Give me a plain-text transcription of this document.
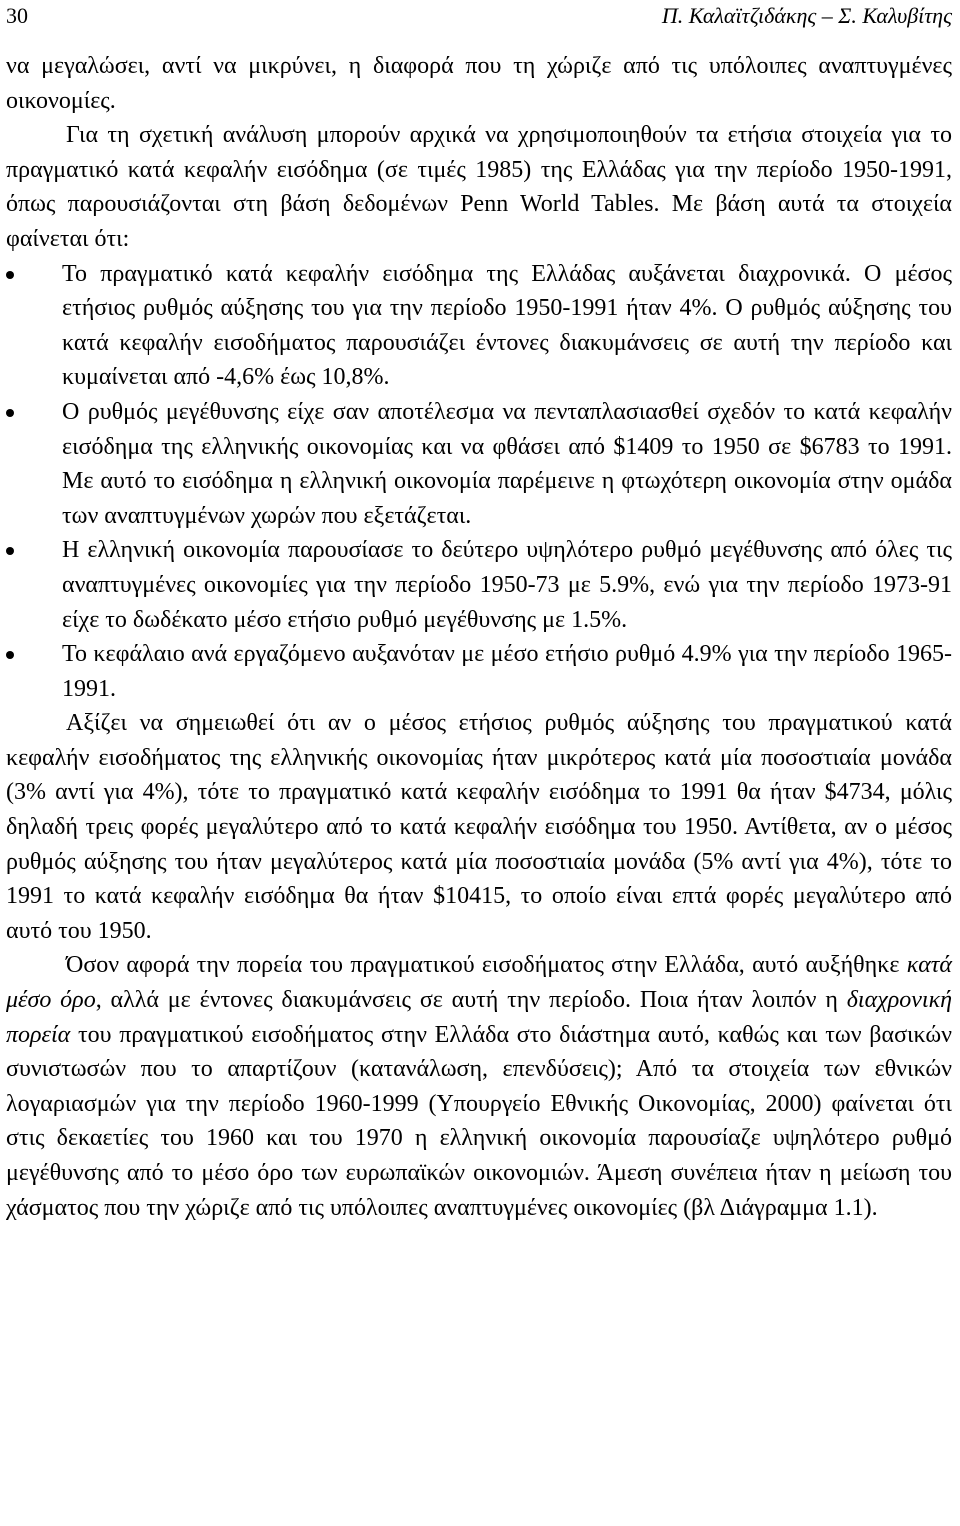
30	Π. Καλαϊτζιδάκης – Σ. Καλυβίτης

να μεγαλώσει, αντί να μικρύνει, η διαφορά που τη χώριζε από τις υπόλοιπες αναπτυγμένες οικονομίες.

Για τη σχετική ανάλυση μπορούν αρχικά να χρησιμοποιηθούν τα ετήσια στοιχεία για το πραγματικό κατά κεφαλήν εισόδημα (σε τιμές 1985) της Ελλάδας για την περίοδο 1950-1991, όπως παρουσιάζονται στη βάση δεδομένων Penn World Tables. Με βάση αυτά τα στοιχεία φαίνεται ότι:

Το πραγματικό κατά κεφαλήν εισόδημα της Ελλάδας αυξάνεται διαχρονικά. Ο μέσος ετήσιος ρυθμός αύξησης του για την περίοδο 1950-1991 ήταν 4%. Ο ρυθμός αύξησης του κατά κεφαλήν εισοδήματος παρουσιάζει έντονες διακυμάνσεις σε αυτή την περίοδο και κυμαίνεται από -4,6% έως 10,8%.
Ο ρυθμός μεγέθυνσης είχε σαν αποτέλεσμα να πενταπλασιασθεί σχεδόν το κατά κεφαλήν εισόδημα της ελληνικής οικονομίας και να φθάσει από $1409 το 1950 σε $6783 το 1991. Με αυτό το εισόδημα η ελληνική οικονομία παρέμεινε η φτωχότερη οικονομία στην ομάδα των αναπτυγμένων χωρών που εξετάζεται.
Η ελληνική οικονομία παρουσίασε το δεύτερο υψηλότερο ρυθμό μεγέθυνσης από όλες τις αναπτυγμένες οικονομίες για την περίοδο 1950-73 με 5.9%, ενώ για την περίοδο 1973-91 είχε το δωδέκατο μέσο ετήσιο ρυθμό μεγέθυνσης με 1.5%.
Το κεφάλαιο ανά εργαζόμενο αυξανόταν με μέσο ετήσιο ρυθμό 4.9% για την περίοδο 1965-1991.

Αξίζει να σημειωθεί ότι αν ο μέσος ετήσιος ρυθμός αύξησης του πραγματικού κατά κεφαλήν εισοδήματος της ελληνικής οικονομίας ήταν μικρότερος κατά μία ποσοστιαία μονάδα (3% αντί για 4%), τότε το πραγματικό κατά κεφαλήν εισόδημα το 1991 θα ήταν $4734, μόλις δηλαδή τρεις φορές μεγαλύτερο από το κατά κεφαλήν εισόδημα του 1950. Αντίθετα, αν ο μέσος ρυθμός αύξησης του ήταν μεγαλύτερος κατά μία ποσοστιαία μονάδα (5% αντί για 4%), τότε το 1991 το κατά κεφαλήν εισόδημα θα ήταν $10415, το οποίο είναι επτά φορές μεγαλύτερο από αυτό του 1950.

Όσον αφορά την πορεία του πραγματικού εισοδήματος στην Ελλάδα, αυτό αυξήθηκε κατά μέσο όρο, αλλά με έντονες διακυμάνσεις σε αυτή την περίοδο. Ποια ήταν λοιπόν η διαχρονική πορεία του πραγματικού εισοδήματος στην Ελλάδα στο διάστημα αυτό, καθώς και των βασικών συνιστωσών που το απαρτίζουν (κατανάλωση, επενδύσεις); Από τα στοιχεία των εθνικών λογαριασμών για την περίοδο 1960-1999 (Υπουργείο Εθνικής Οικονομίας, 2000) φαίνεται ότι στις δεκαετίες του 1960 και του 1970 η ελληνική οικονομία παρουσίαζε υψηλότερο ρυθμό μεγέθυνσης από το μέσο όρο των ευρωπαϊκών οικονομιών. Άμεση συνέπεια ήταν η μείωση του χάσματος που την χώριζε από τις υπόλοιπες αναπτυγμένες οικονομίες (βλ Διάγραμμα 1.1).
